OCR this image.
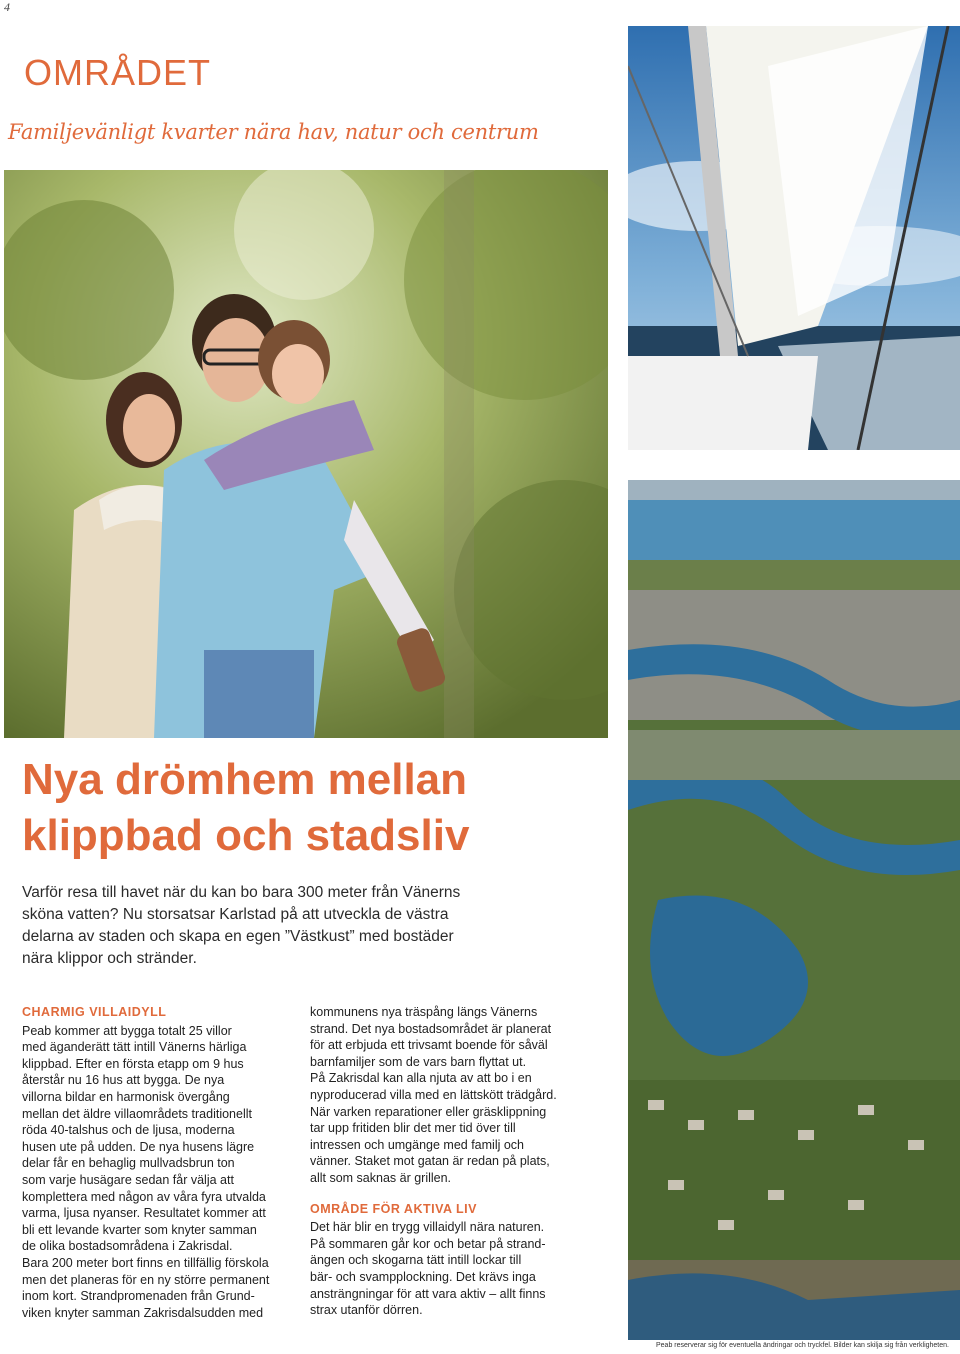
4
OMRÅDET
Familjevänligt kvarter nära hav, natur och centrum
Nya drömhem mellan
klippbad och stadsliv
Varför resa till havet när du kan bo bara 300 meter från Vänerns
sköna vatten? Nu storsatsar Karlstad på att utveckla de västra
delarna av staden och skapa en egen ”Västkust” med bostäder
nära klippor och stränder.
CHARMIG VILLAIDYLL
Peab kommer att bygga totalt 25 villor
med äganderätt tätt intill Vänerns härliga
klippbad. Efter en första etapp om 9 hus
återstår nu 16 hus att bygga. De nya
villorna bildar en harmonisk övergång
mellan det äldre villaområdets traditionellt
röda 40-talshus och de ljusa, moderna
husen ute på udden. De nya husens lägre
delar får en behaglig mullvadsbrun ton
som varje husägare sedan får välja att
komplettera med någon av våra fyra utvalda
varma, ljusa nyanser. Resultatet kommer att
bli ett levande kvarter som knyter samman
de olika bostadsområdena i Zakrisdal.
Bara 200 meter bort finns en tillfällig förskola
men det planeras för en ny större permanent
inom kort. Strandpromenaden från Grund-
viken knyter samman Zakrisdalsudden med
kommunens nya träspång längs Vänerns
strand. Det nya bostadsområdet är planerat
för att erbjuda ett trivsamt boende för såväl
barnfamiljer som de vars barn flyttat ut.
På Zakrisdal kan alla njuta av att bo i en
nyproducerad villa med en lättskött trädgård.
När varken reparationer eller gräsklippning
tar upp fritiden blir det mer tid över till
intressen och umgänge med familj och
vänner. Staket mot gatan är redan på plats,
allt som saknas är grillen.
OMRÅDE FÖR AKTIVA LIV
Det här blir en trygg villaidyll nära naturen.
På sommaren går kor och betar på strand-
ängen och skogarna tätt intill lockar till
bär- och svampplockning. Det krävs inga
ansträngningar för att vara aktiv – allt finns
strax utanför dörren.
Peab reserverar sig för eventuella ändringar och tryckfel. Bilder kan skilja sig från verkligheten.
